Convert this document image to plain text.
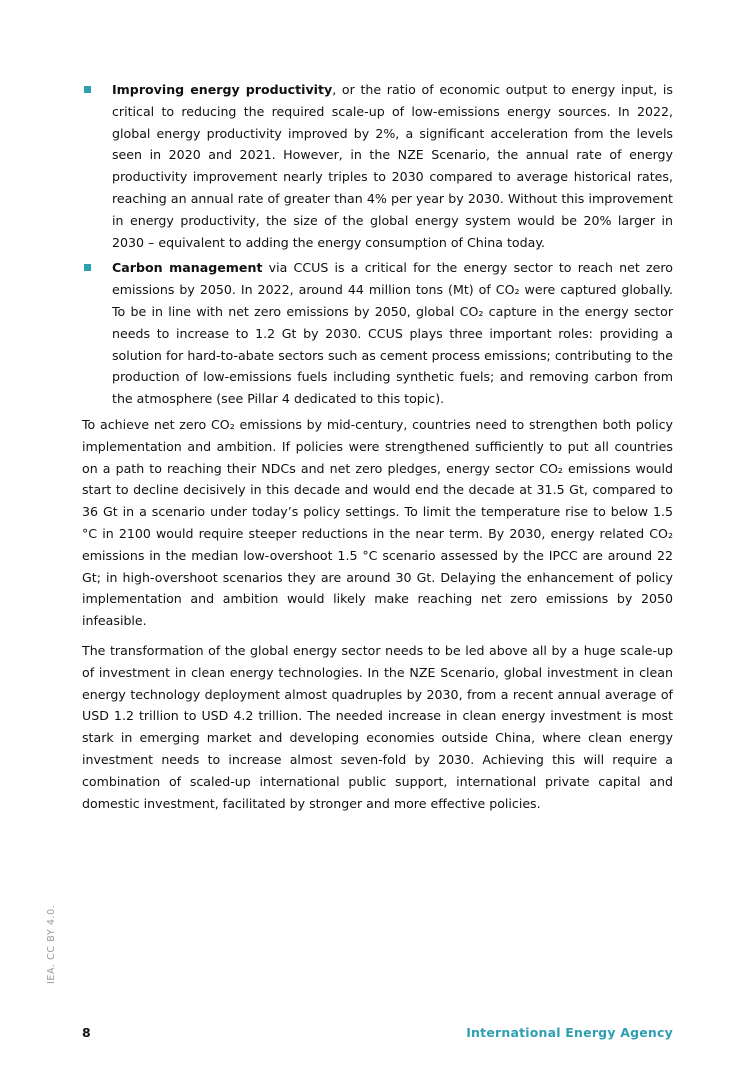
Improving energy productivity, or the ratio of economic output to energy input, is critical to reducing the required scale-up of low-emissions energy sources. In 2022, global energy productivity improved by 2%, a significant acceleration from the levels seen in 2020 and 2021. However, in the NZE Scenario, the annual rate of energy productivity improvement nearly triples to 2030 compared to average historical rates, reaching an annual rate of greater than 4% per year by 2030. Without this improvement in energy productivity, the size of the global energy system would be 20% larger in 2030 – equivalent to adding the energy consumption of China today.
Carbon management via CCUS is a critical for the energy sector to reach net zero emissions by 2050. In 2022, around 44 million tons (Mt) of CO₂ were captured globally. To be in line with net zero emissions by 2050, global CO₂ capture in the energy sector needs to increase to 1.2 Gt by 2030. CCUS plays three important roles: providing a solution for hard-to-abate sectors such as cement process emissions; contributing to the production of low-emissions fuels including synthetic fuels; and removing carbon from the atmosphere (see Pillar 4 dedicated to this topic).

To achieve net zero CO₂ emissions by mid-century, countries need to strengthen both policy implementation and ambition. If policies were strengthened sufficiently to put all countries on a path to reaching their NDCs and net zero pledges, energy sector CO₂ emissions would start to decline decisively in this decade and would end the decade at 31.5 Gt, compared to 36 Gt in a scenario under today’s policy settings. To limit the temperature rise to below 1.5 °C in 2100 would require steeper reductions in the near term. By 2030, energy related CO₂ emissions in the median low-overshoot 1.5 °C scenario assessed by the IPCC are around 22 Gt; in high-overshoot scenarios they are around 30 Gt. Delaying the enhancement of policy implementation and ambition would likely make reaching net zero emissions by 2050 infeasible.

The transformation of the global energy sector needs to be led above all by a huge scale-up of investment in clean energy technologies. In the NZE Scenario, global investment in clean energy technology deployment almost quadruples by 2030, from a recent annual average of USD 1.2 trillion to USD 4.2 trillion. The needed increase in clean energy investment is most stark in emerging market and developing economies outside China, where clean energy investment needs to increase almost seven-fold by 2030. Achieving this will require a combination of scaled-up international public support, international private capital and domestic investment, facilitated by stronger and more effective policies.

IEA. CC BY 4.0.
8	International Energy Agency
